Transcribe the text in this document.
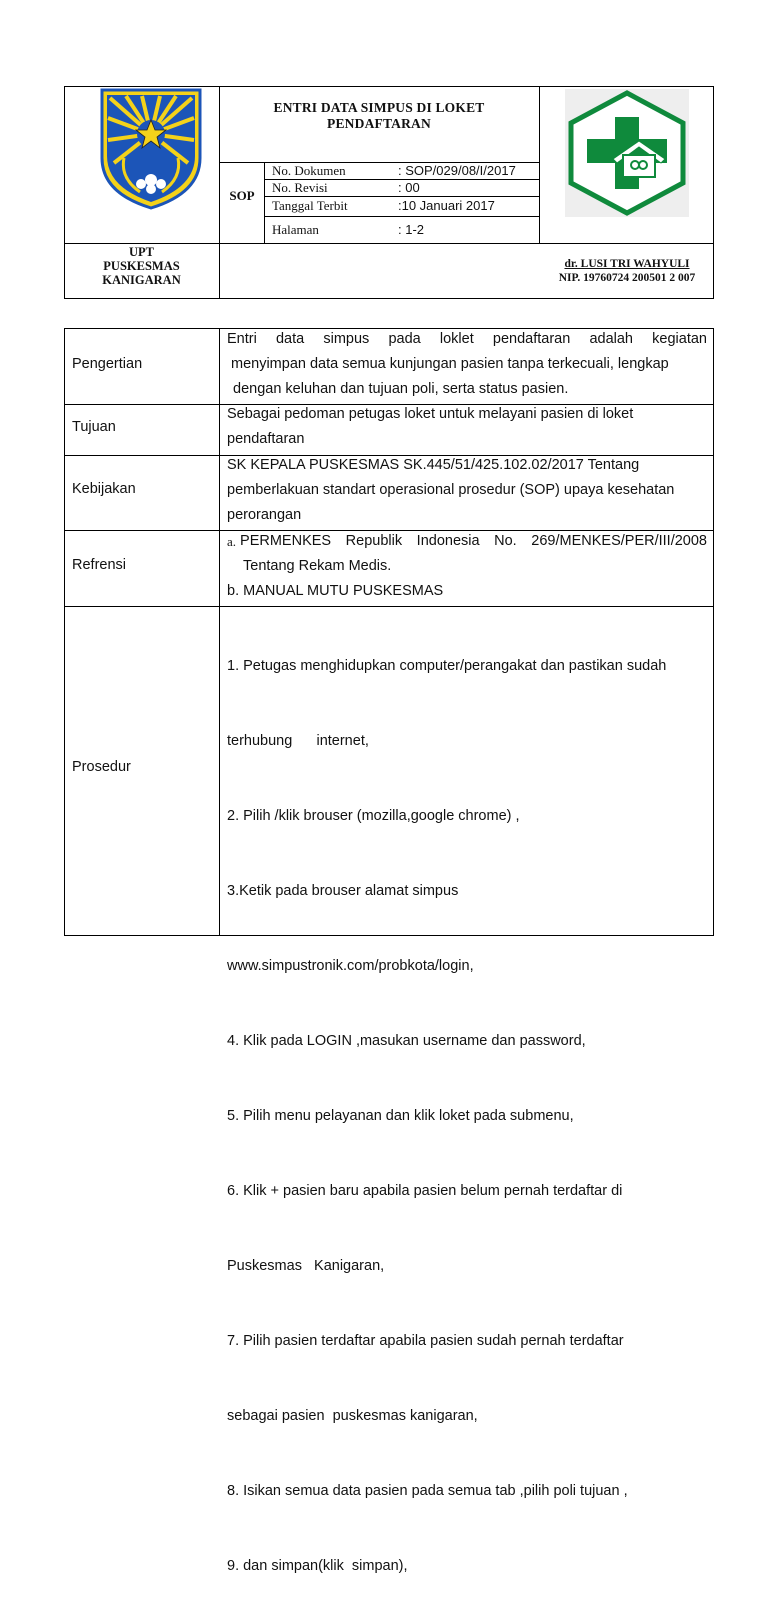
ENTRI DATA SIMPUS DI LOKET
PENDAFTARAN
SOP
No. Dokumen	: SOP/029/08/I/2017
No. Revisi	: 00
Tanggal Terbit	:10 Januari 2017
Halaman	: 1-2
UPT
PUSKESMAS
KANIGARAN
dr. LUSI TRI WAHYULI
NIP. 19760724 200501 2 007
Pengertian
Entri data simpus pada loklet pendaftaran adalah kegiatan
menyimpan data semua kunjungan pasien tanpa terkecuali, lengkap
dengan keluhan dan tujuan poli, serta status pasien.
Tujuan
Sebagai pedoman petugas loket untuk melayani pasien di loket
pendaftaran
Kebijakan
SK KEPALA PUSKESMAS SK.445/51/425.102.02/2017 Tentang
pemberlakuan standart operasional prosedur (SOP) upaya kesehatan
perorangan
Refrensi
a. PERMENKES Republik Indonesia No. 269/MENKES/PER/III/2008
Tentang Rekam Medis.
b. MANUAL MUTU PUSKESMAS
Prosedur

1. Petugas menghidupkan computer/perangakat dan pastikan sudah

terhubung      internet,

2. Pilih /klik brouser (mozilla,google chrome) ,

3.Ketik pada brouser alamat simpus

www.simpustronik.com/probkota/login,

4. Klik pada LOGIN ,masukan username dan password,

5. Pilih menu pelayanan dan klik loket pada submenu,

6. Klik + pasien baru apabila pasien belum pernah terdaftar di

Puskesmas   Kanigaran,

7. Pilih pasien terdaftar apabila pasien sudah pernah terdaftar

sebagai pasien  puskesmas kanigaran,

8. Isikan semua data pasien pada semua tab ,pilih poli tujuan ,

9. dan simpan(klik  simpan),
